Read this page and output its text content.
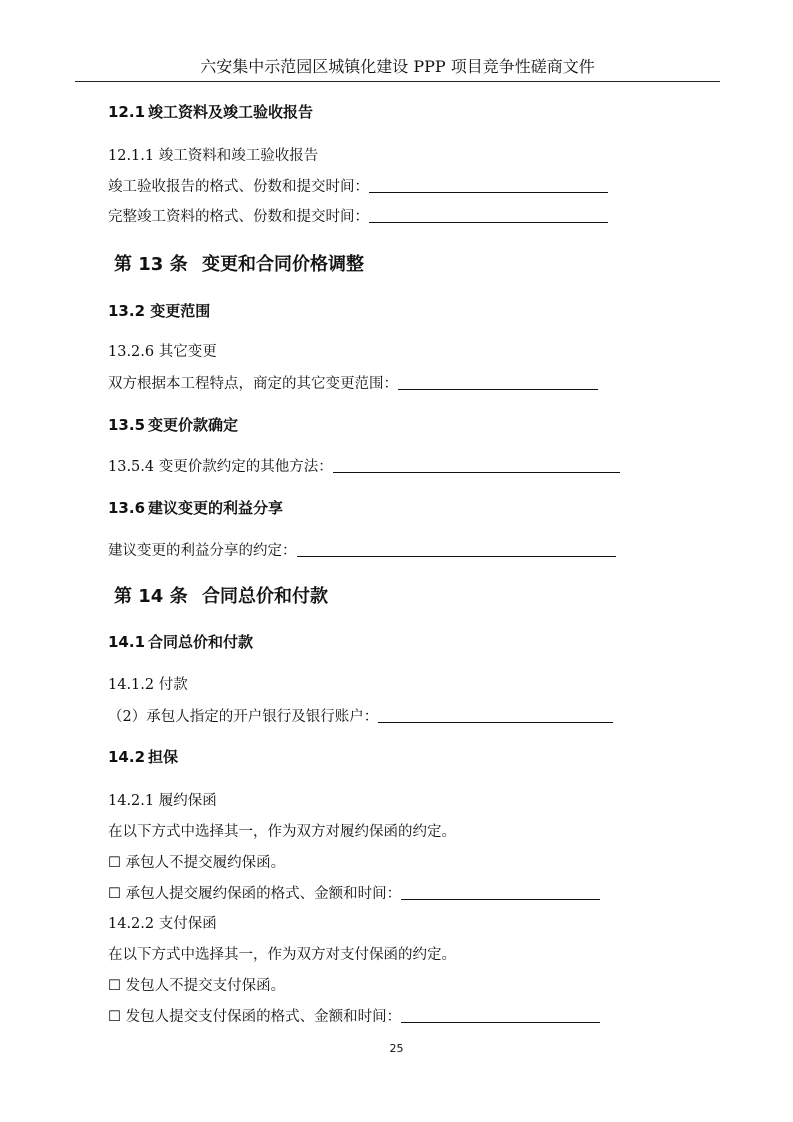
六安集中示范园区城镇化建设 PPP 项目竞争性磋商文件
12.1 竣工资料及竣工验收报告
12.1.1 竣工资料和竣工验收报告
竣工验收报告的格式、份数和提交时间：
完整竣工资料的格式、份数和提交时间：
第 13 条 变更和合同价格调整
13.2 变更范围
13.2.6 其它变更
双方根据本工程特点，商定的其它变更范围：
13.5 变更价款确定
13.5.4 变更价款约定的其他方法：
13.6 建议变更的利益分享
建议变更的利益分享的约定：
第 14 条 合同总价和付款
14.1 合同总价和付款
14.1.2 付款
（2）承包人指定的开户银行及银行账户：
14.2 担保
14.2.1 履约保函
在以下方式中选择其一，作为双方对履约保函的约定。
☐ 承包人不提交履约保函。
☐ 承包人提交履约保函的格式、金额和时间：
14.2.2 支付保函
在以下方式中选择其一，作为双方对支付保函的约定。
☐ 发包人不提交支付保函。
☐ 发包人提交支付保函的格式、金额和时间：
25
